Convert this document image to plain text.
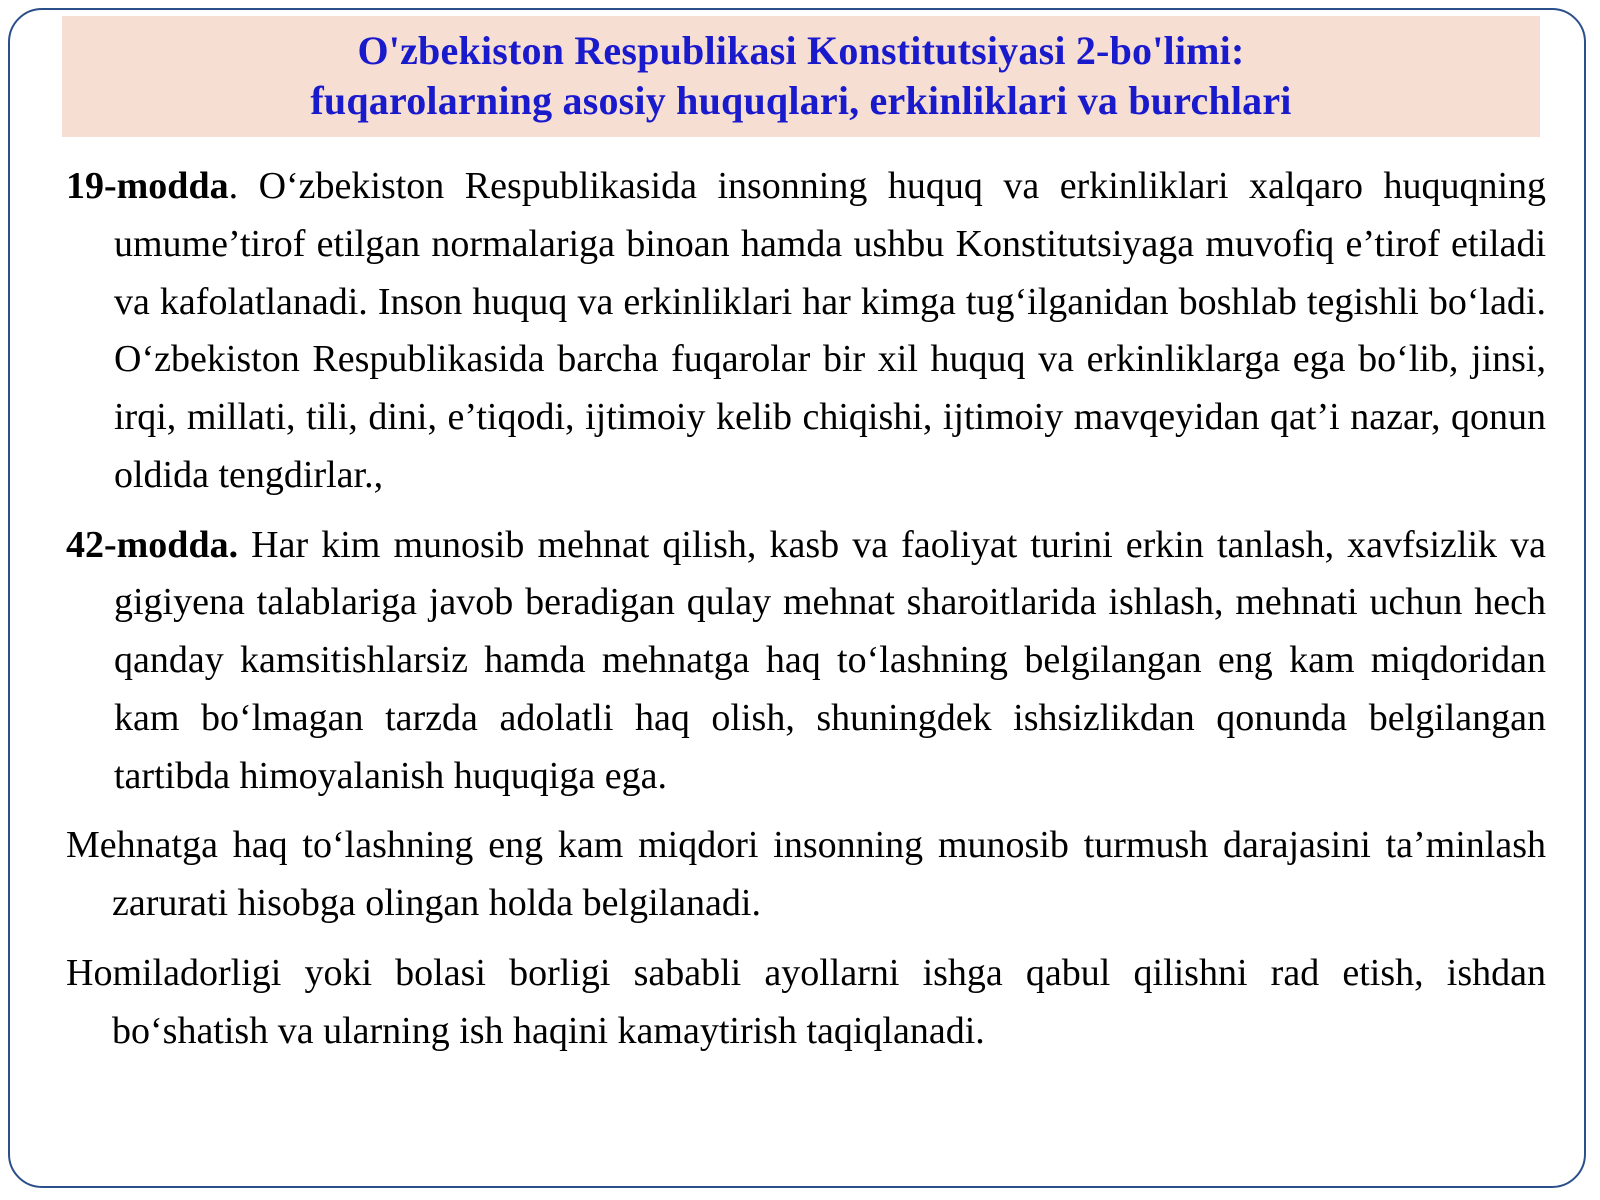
O'zbekiston Respublikasi Konstitutsiyasi 2-bo'limi:
fuqarolarning asosiy huquqlari, erkinliklari va burchlari

19-modda. O‘zbekiston Respublikasida insonning huquq va erkinliklari xalqaro huquqning umume’tirof etilgan normalariga binoan hamda ushbu Konstitutsiyaga muvofiq e’tirof etiladi va kafolatlanadi. Inson huquq va erkinliklari har kimga tug‘ilganidan boshlab tegishli bo‘ladi. O‘zbekiston Respublikasida barcha fuqarolar bir xil huquq va erkinliklarga ega bo‘lib, jinsi, irqi, millati, tili, dini, e’tiqodi, ijtimoiy kelib chiqishi, ijtimoiy mavqeyidan qat’i nazar, qonun oldida tengdirlar.,

42-modda. Har kim munosib mehnat qilish, kasb va faoliyat turini erkin tanlash, xavfsizlik va gigiyena talablariga javob beradigan qulay mehnat sharoitlarida ishlash, mehnati uchun hech qanday kamsitishlarsiz hamda mehnatga haq to‘lashning belgilangan eng kam miqdoridan kam bo‘lmagan tarzda adolatli haq olish, shuningdek ishsizlikdan qonunda belgilangan tartibda himoyalanish huquqiga ega.

Mehnatga haq to‘lashning eng kam miqdori insonning munosib turmush darajasini ta’minlash zarurati hisobga olingan holda belgilanadi.

Homiladorligi yoki bolasi borligi sababli ayollarni ishga qabul qilishni rad etish, ishdan bo‘shatish va ularning ish haqini kamaytirish taqiqlanadi.
